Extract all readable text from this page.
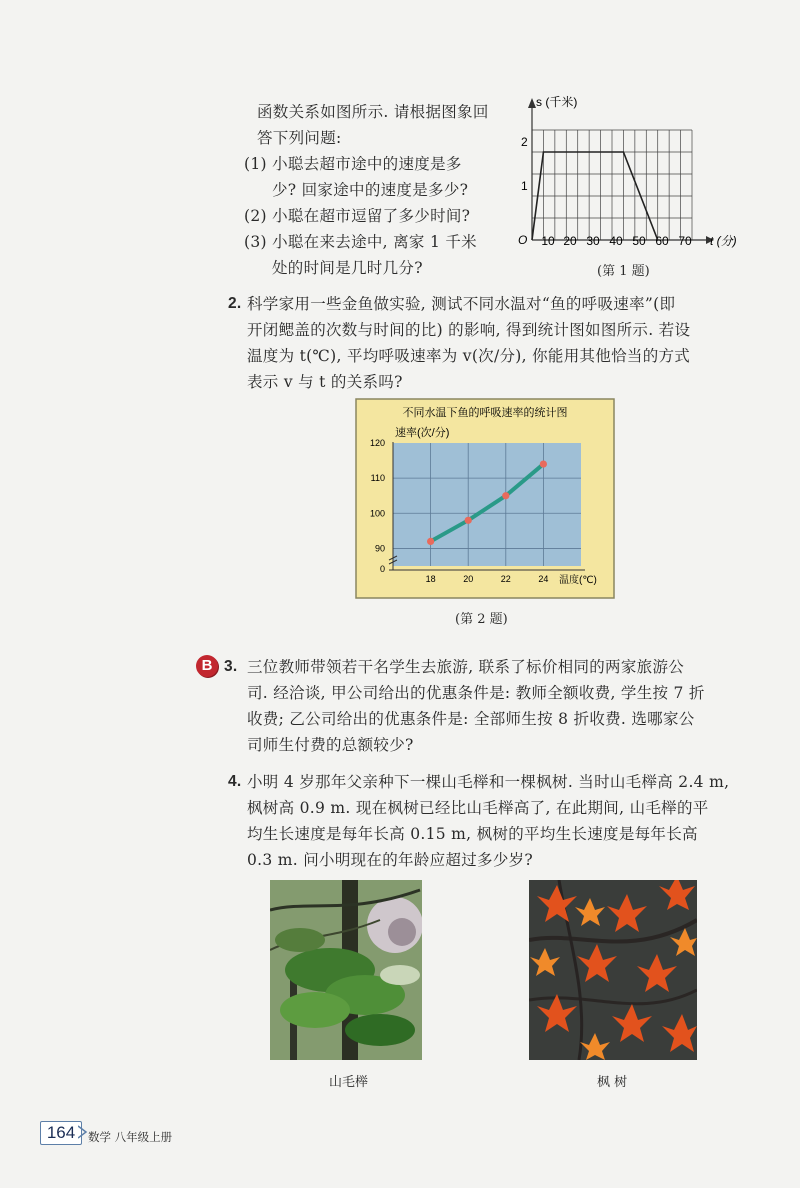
函数关系如图所示. 请根据图象回
答下列问题:
(1) 小聪去超市途中的速度是多
少? 回家途中的速度是多少?
(2) 小聪在超市逗留了多少时间?
(3) 小聪在来去途中, 离家 1 千米
处的时间是几时几分?
s (千米)
t (分)
O
1
2
10 20 30 40 50 60 70
(第 1 题)
2. 科学家用一些金鱼做实验, 测试不同水温对“鱼的呼吸速率”(即
开闭鳃盖的次数与时间的比) 的影响, 得到统计图如图所示. 若设
温度为 t(℃), 平均呼吸速率为 v(次/分), 你能用其他恰当的方式
表示 v 与 t 的关系吗?
不同水温下鱼的呼吸速率的统计图
速率(次/分)
0
90
100
110
120
18	20	22	24 温度(℃)
(第 2 题)
B 3. 三位教师带领若干名学生去旅游, 联系了标价相同的两家旅游公
司. 经洽谈, 甲公司给出的优惠条件是: 教师全额收费, 学生按 7 折
收费; 乙公司给出的优惠条件是: 全部师生按 8 折收费. 选哪家公
司师生付费的总额较少?
4. 小明 4 岁那年父亲种下一棵山毛榉和一棵枫树. 当时山毛榉高 2.4 m,
枫树高 0.9 m. 现在枫树已经比山毛榉高了, 在此期间, 山毛榉的平
均生长速度是每年长高 0.15 m, 枫树的平均生长速度是每年长高
0.3 m. 问小明现在的年龄应超过多少岁?
山毛榉	枫 树
164	数学 八年级上册
